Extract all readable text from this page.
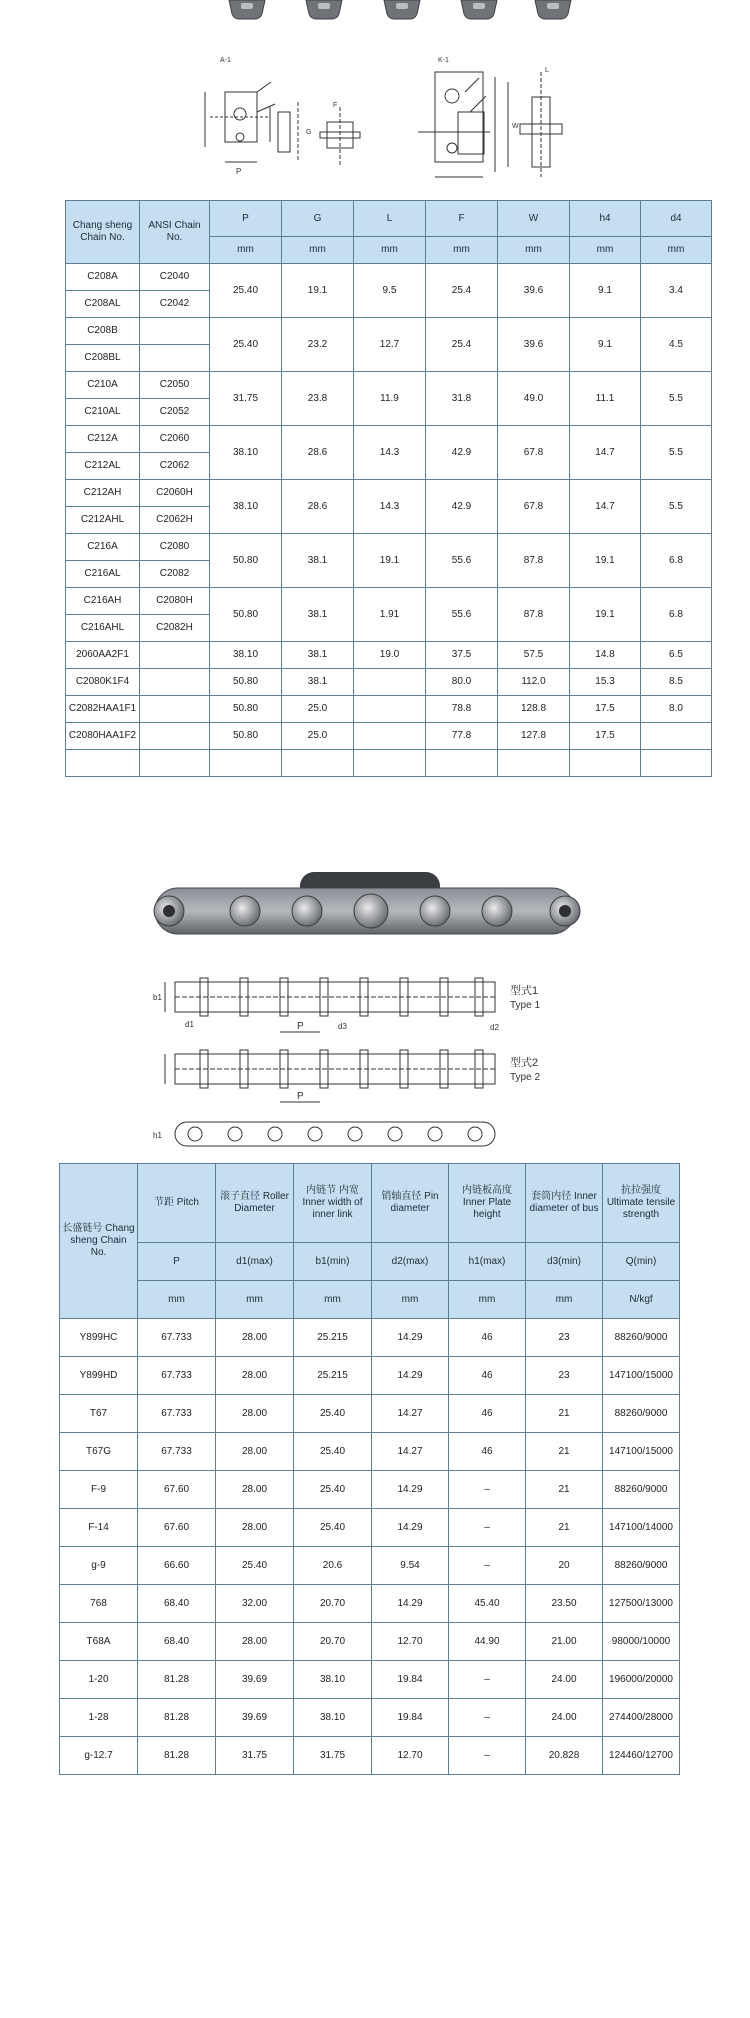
A-1	K-1
P
G
F
W
L
Chang sheng Chain No.	ANSI Chain No.	P	G	L	F	W	h4	d4
		mm	mm	mm	mm	mm	mm	mm
C208A	C2040	25.40	19.1	9.5	25.4	39.6	9.1	3.4
C208AL	C2042							
C208B		25.40	23.2	12.7	25.4	39.6	9.1	4.5
C208BL								
C210A	C2050	31.75	23.8	11.9	31.8	49.0	11.1	5.5
C210AL	C2052							
C212A	C2060	38.10	28.6	14.3	42.9	67.8	14.7	5.5
C212AL	C2062							
C212AH	C2060H	38.10	28.6	14.3	42.9	67.8	14.7	5.5
C212AHL	C2062H							
C216A	C2080	50.80	38.1	19.1	55.6	87.8	19.1	6.8
C216AL	C2082							
C216AH	C2080H	50.80	38.1	1.91	55.6	87.8	19.1	6.8
C216AHL	C2082H							
2060AA2F1		38.10	38.1	19.0	37.5	57.5	14.8	6.5
C2080K1F4		50.80	38.1		80.0	112.0	15.3	8.5
C2082HAA1F1		50.80	25.0		78.8	128.8	17.5	8.0
C2080HAA1F2		50.80	25.0		77.8	127.8	17.5	

b1
d1	P	d3	d2
型式1
Type 1
P
型式2
Type 2
h1
长盛链号 Chang sheng Chain No.	节距 Pitch	滚子直径 Roller Diameter	内链节 内宽 Inner width of inner link	销轴直径 Pin diameter	内链板高度 Inner Plate height	套筒内径 Inner diameter of bus	抗拉强度 Ultimate tensile strength
	P	d1(max)	b1(min)	d2(max)	h1(max)	d3(min)	Q(min)
	mm	mm	mm	mm	mm	mm	N/kgf
Y899HC	67.733	28.00	25.215	14.29	46	23	88260/9000
Y899HD	67.733	28.00	25.215	14.29	46	23	147100/15000
T67	67.733	28.00	25.40	14.27	46	21	88260/9000
T67G	67.733	28.00	25.40	14.27	46	21	147100/15000
F-9	67.60	28.00	25.40	14.29	–	21	88260/9000
F-14	67.60	28.00	25.40	14.29	–	21	147100/14000
g-9	66.60	25.40	20.6	9.54	–	20	88260/9000
768	68.40	32.00	20.70	14.29	45.40	23.50	127500/13000
T68A	68.40	28.00	20.70	12.70	44.90	21.00	98000/10000
1-20	81.28	39.69	38.10	19.84	–	24.00	196000/20000
1-28	81.28	39.69	38.10	19.84	–	24.00	274400/28000
g-12.7	81.28	31.75	31.75	12.70	–	20.828	124460/12700
